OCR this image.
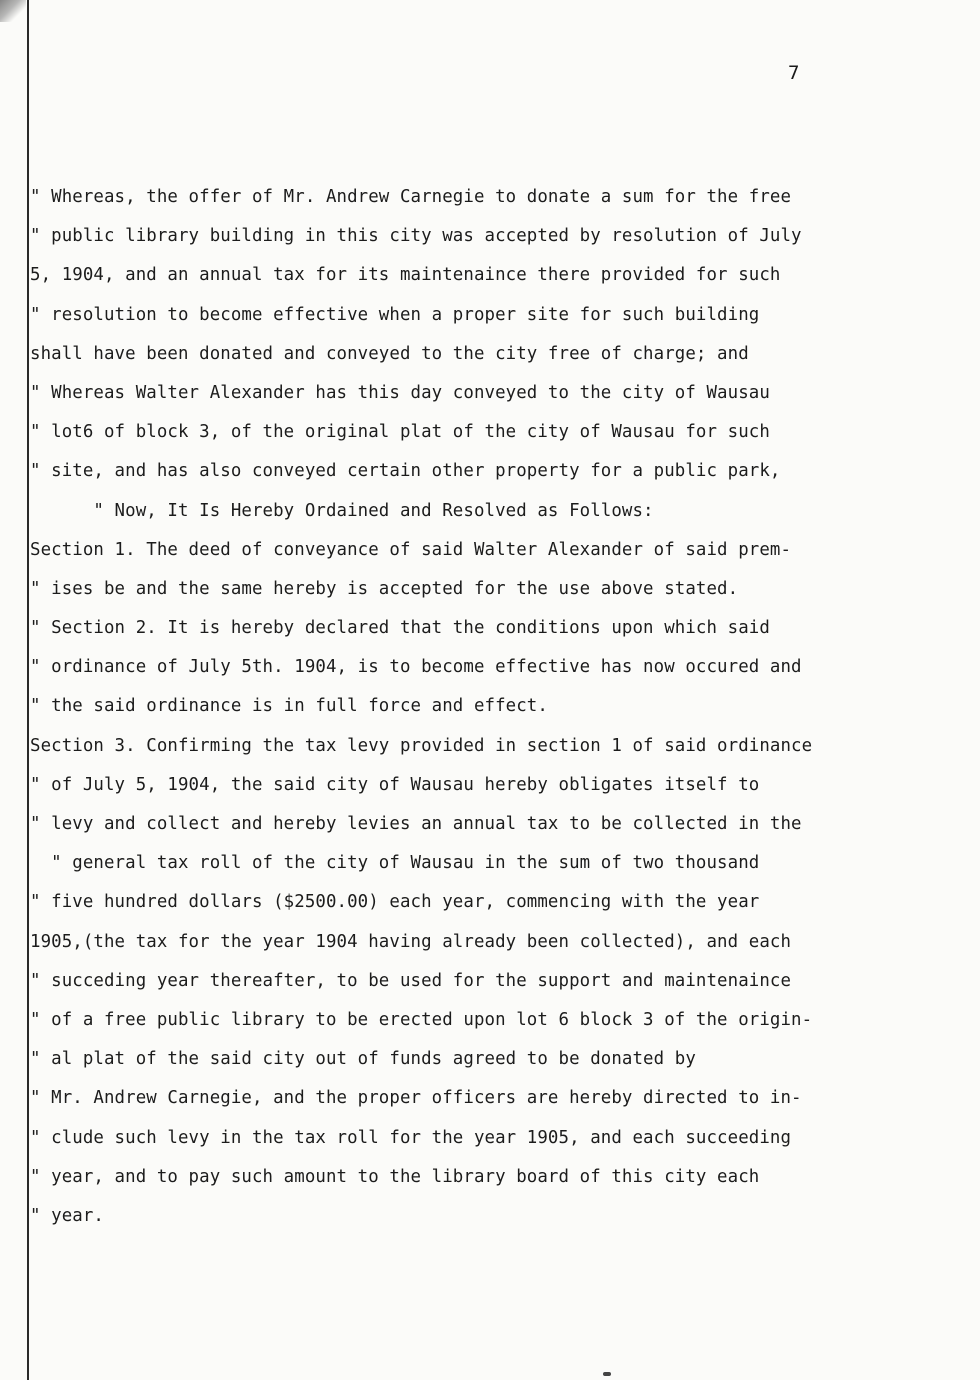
7
" Whereas, the offer of Mr. Andrew Carnegie to donate a sum for the free
" public library building in this city was accepted by resolution of July
5, 1904, and an annual tax for its maintenaince there provided for such
" resolution to become effective when a proper site for such building
shall have been donated and conveyed to the city free of charge; and
" Whereas Walter Alexander has this day conveyed to the city of Wausau
" lot6 of block 3, of the original plat of the city of Wausau for such
" site, and has also conveyed certain other property for a public park,
" Now, It Is Hereby Ordained and Resolved as Follows:
Section 1. The deed of conveyance of said Walter Alexander of said prem-
" ises be and the same hereby is accepted for the use above stated.
" Section 2. It is hereby declared that the conditions upon which said
" ordinance of July 5th. 1904, is to become effective has now occured and
" the said ordinance is in full force and effect.
Section 3. Confirming the tax levy provided in section 1 of said ordinance
" of July 5, 1904, the said city of Wausau hereby obligates itself to
" levy and collect and hereby levies an annual tax to be collected in the
" general tax roll of the city of Wausau in the sum of two thousand
" five hundred dollars ($2500.00) each year, commencing with the year
1905,(the tax for the year 1904 having already been collected), and each
" succeding year thereafter, to be used for the support and maintenaince
" of a free public library to be erected upon lot 6 block 3 of the origin-
" al plat of the said city out of funds agreed to be donated by
" Mr. Andrew Carnegie, and the proper officers are hereby directed to in-
" clude such levy in the tax roll for the year 1905, and each succeeding
" year, and to pay such amount to the library board of this city each
" year.
